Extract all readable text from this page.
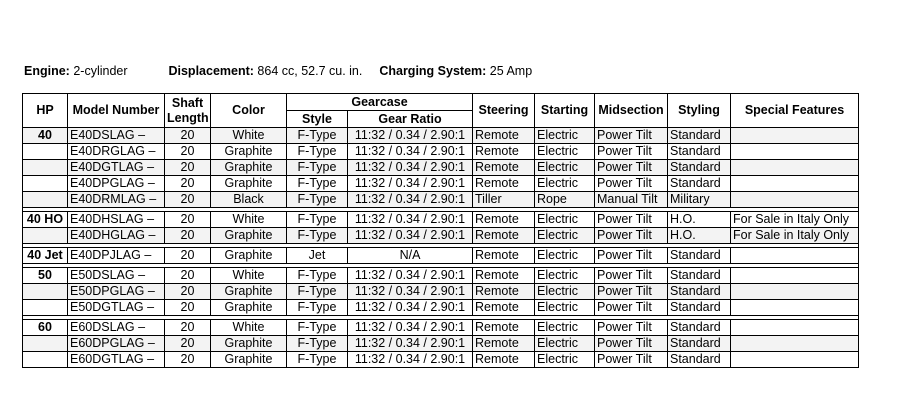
Engine: 2-cylinder	Displacement: 864 cc, 52.7 cu. in. Charging System: 25 Amp
HP	Model Number	Shaft Length	Color	Gearcase		Steering	Starting	Midsection	Styling	Special Features
				Style	Gear Ratio					
40	E40DSLAG –	20	White	F-Type	11:32 / 0.34 / 2.90:1	Remote	Electric	Power Tilt	Standard	
	E40DRGLAG –	20	Graphite	F-Type	11:32 / 0.34 / 2.90:1	Remote	Electric	Power Tilt	Standard	
	E40DGTLAG –	20	Graphite	F-Type	11:32 / 0.34 / 2.90:1	Remote	Electric	Power Tilt	Standard	
	E40DPGLAG –	20	Graphite	F-Type	11:32 / 0.34 / 2.90:1	Remote	Electric	Power Tilt	Standard	
	E40DRMLAG –	20	Black	F-Type	11:32 / 0.34 / 2.90:1	Tiller	Rope	Manual Tilt	Military	

40 HO	E40DHSLAG –	20	White	F-Type	11:32 / 0.34 / 2.90:1	Remote	Electric	Power Tilt	H.O.	For Sale in Italy Only
	E40DHGLAG –	20	Graphite	F-Type	11:32 / 0.34 / 2.90:1	Remote	Electric	Power Tilt	H.O.	For Sale in Italy Only

40 Jet	E40DPJLAG –	20	Graphite	Jet	N/A	Remote	Electric	Power Tilt	Standard	

50	E50DSLAG –	20	White	F-Type	11:32 / 0.34 / 2.90:1	Remote	Electric	Power Tilt	Standard	
	E50DPGLAG –	20	Graphite	F-Type	11:32 / 0.34 / 2.90:1	Remote	Electric	Power Tilt	Standard	
	E50DGTLAG –	20	Graphite	F-Type	11:32 / 0.34 / 2.90:1	Remote	Electric	Power Tilt	Standard	

60	E60DSLAG –	20	White	F-Type	11:32 / 0.34 / 2.90:1	Remote	Electric	Power Tilt	Standard	
	E60DPGLAG –	20	Graphite	F-Type	11:32 / 0.34 / 2.90:1	Remote	Electric	Power Tilt	Standard	
	E60DGTLAG –	20	Graphite	F-Type	11:32 / 0.34 / 2.90:1	Remote	Electric	Power Tilt	Standard	
